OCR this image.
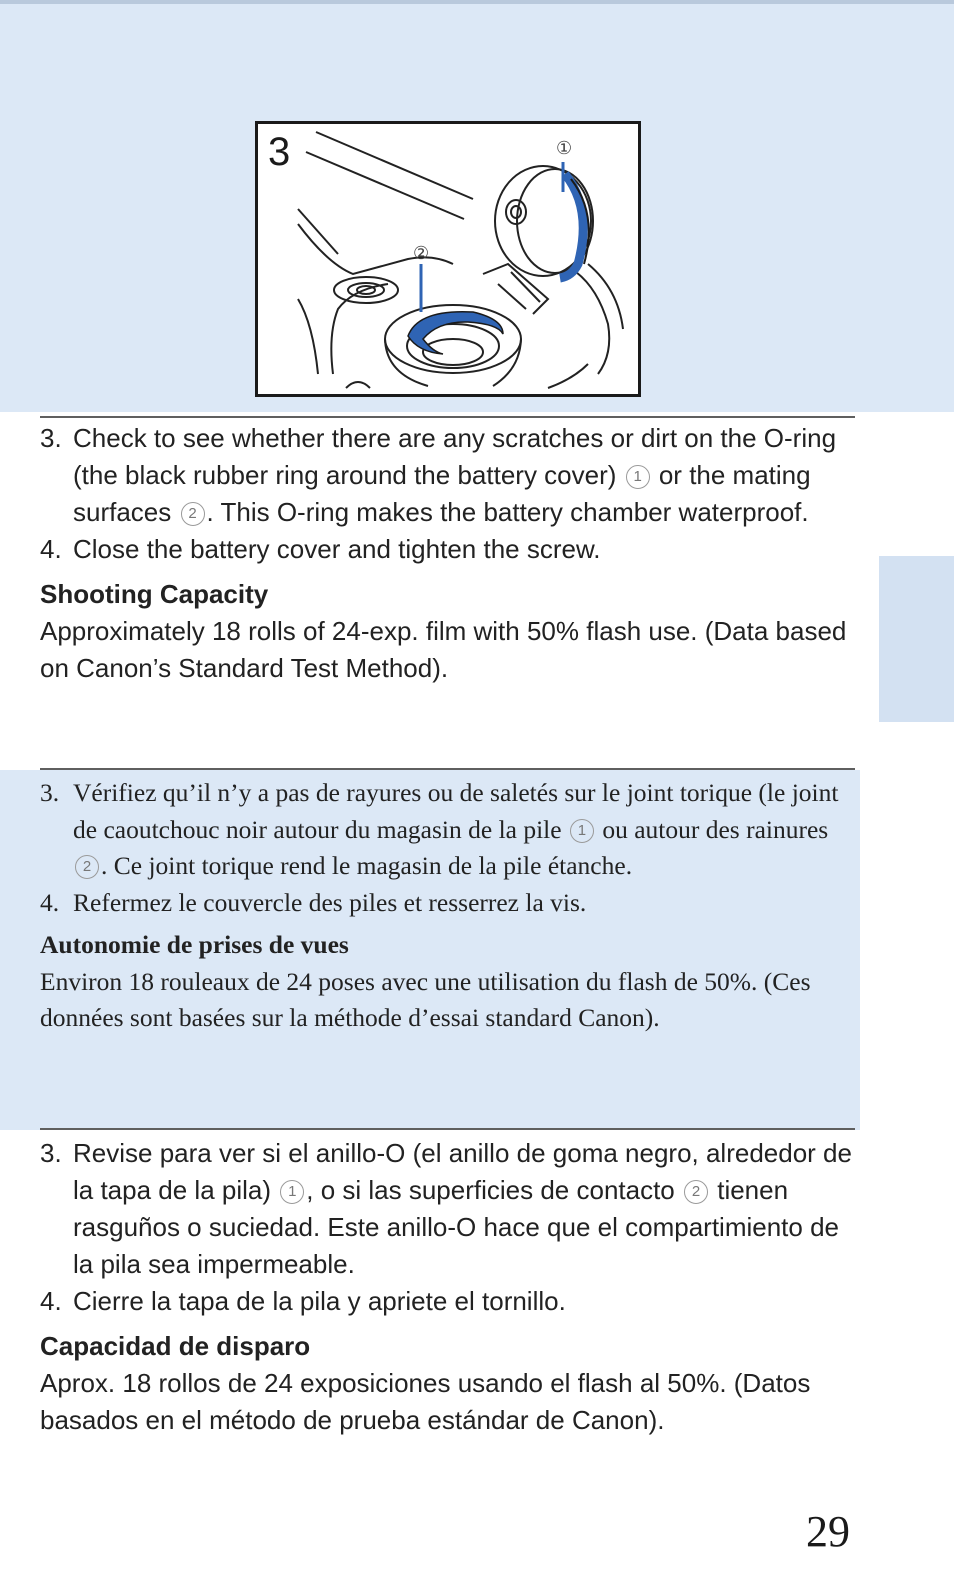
①
②
3
3. Check to see whether there are any scratches or dirt on the O-ring (the black rubber ring around the battery cover) 1 or the mating surfaces 2 . This O-ring makes the battery chamber waterproof.
4. Close the battery cover and tighten the screw.
Shooting Capacity
Approximately 18 rolls of 24-exp. film with 50% flash use. (Data based on Canon’s Standard Test Method).
3. Vérifiez qu’il n’y a pas de rayures ou de saletés sur le joint torique (le joint de caoutchouc noir autour du magasin de la pile 1 ou autour des rainures 2 . Ce joint torique rend le magasin de la pile étanche.
4. Refermez le couvercle des piles et resserrez la vis.
Autonomie de prises de vues
Environ 18 rouleaux de 24 poses avec une utilisation du flash de 50%. (Ces données sont basées sur la méthode d’essai standard Canon).
3. Revise para ver si el anillo-O (el anillo de goma negro, alrededor de la tapa de la pila) 1 , o si las superficies de contacto 2 tienen rasguños o suciedad. Este anillo-O hace que el compartimiento de la pila sea impermeable.
4. Cierre la tapa de la pila y apriete el tornillo.
Capacidad de disparo
Aprox. 18 rollos de 24 exposiciones usando el flash al 50%. (Datos basados en el método de prueba estándar de Canon).
29
